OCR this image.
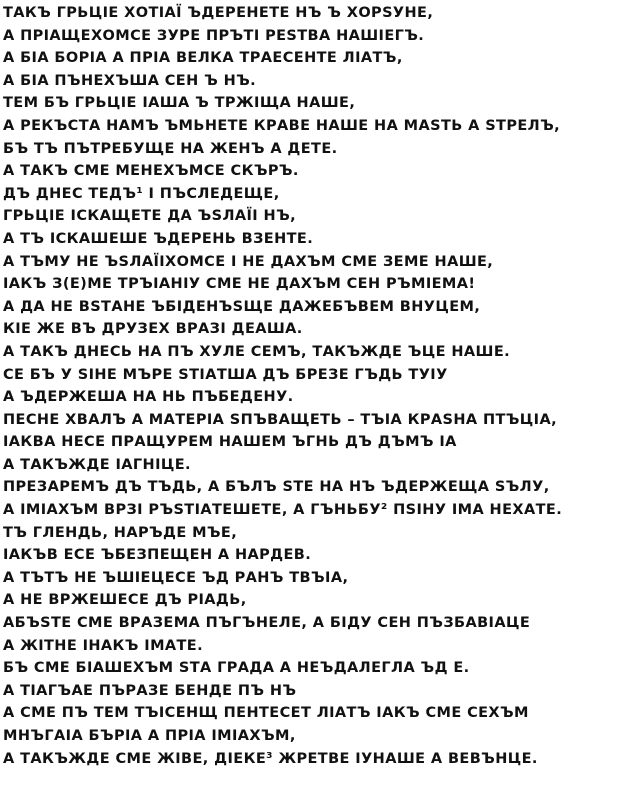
ТАКЪ ГРЬЦІЕ ХОТІАЇ ЪДЕРЕНЕТЕ НЪ Ъ ХОРЅУНЕ,
А ПРІАЩЕХОМСЕ ЗУРЕ ПРЪТІ РЕЅТВА НАШІЕГЪ.
А БІА БОРІА А ПРІА ВЕЛКА ТРАЕСЕНТЕ ЛІАТЪ,
А БІА ПЪНЕХЪША СЕН Ъ НЪ.
ТЕМ БЪ ГРЬЦІЕ ІАША Ъ ТРЖІЩА НАШЕ,
А РЕКЪСТА НАМЪ ЪМЬНЕТЕ КРАВЕ НАШЕ НА МАЅТЬ А ЅТРЕЛЪ,
БЪ ТЪ ПЪТРЕБУЩЕ НА ЖЕНЪ А ДЕТЕ.
А ТАКЪ СМЕ МЕНЕХЪМСЕ СКЪРЪ.
ДЪ ДНЕС ТЕДЪ¹ І ПЪСЛЕДЕЩЕ,
ГРЬЦІЕ ІСКАЩЕТЕ ДА ЪЅЛАЇІ НЪ,
А ТЪ ІСКАШЕШЕ ЪДЕРЕНЬ ВЗЕНТЕ.
А ТЪМУ НЕ ЪЅЛАЇІХОМСЕ І НЕ ДАХЪМ СМЕ ЗЕМЕ НАШЕ,
ІАКЪ З(Е)МЕ ТРЪІАНІУ СМЕ НЕ ДАХЪМ СЕН РЪМІЕМА!
А ДА НЕ ВЅТАНЕ ЪБІДЕНЪЅЩЕ ДАЖЕБЪВЕМ ВНУЦЕМ,
КІЕ ЖЕ ВЪ ДРУЗЕХ ВРАЗІ ДЕАША.
А ТАКЪ ДНЕСЬ НА ПЪ ХУЛЕ СЕМЪ, ТАКЪЖДЕ ЪЦЕ НАШЕ.
СЕ БЪ У ЅІНЕ МЪРЕ ЅТІАТША ДЪ БРЕЗЕ ГЪДЬ ТУІУ
А ЪДЕРЖЕША НА НЬ ПЪБЕДЕНУ.
ПЕСНЕ ХВАЛЪ А МАТЕРІА ЅПЪВАЩЕТЬ – ТЪІА КРАЅНА ПТЪЦІА,
ІАКВА НЕСЕ ПРАЩУРЕМ НАШЕМ ЪГНЬ ДЪ ДЪМЪ ІА
А ТАКЪЖДЕ ІАГНІЦЕ.
ПРЕЗАРЕМЪ ДЪ ТЪДЬ, А БЪЛЪ ЅТЕ НА НЪ ЪДЕРЖЕЩА ЅЪЛУ,
А ІМІАХЪМ ВРЗІ РЪЅТІАТЕШЕТЕ, А ГЪНЬБУ² ПЅІНУ ІМА НЕХАТЕ.
ТЪ ГЛЕНДЬ, НАРЪДЕ МЪЕ,
ІАКЪВ ЕСЕ ЪБЕЗПЕЩЕН А НАРДЕВ.
А ТЪТЪ НЕ ЪШІЕЦЕСЕ ЪД РАНЪ ТВЪІА,
А НЕ ВРЖЕШЕСЕ ДЪ РІАДЬ,
АБЪЅТЕ СМЕ ВРАЗЕМА ПЪГЪНЕЛЕ, А БІДУ СЕН ПЪЗБАВІАЦЕ
А ЖІТНЕ ІНАКЪ ІМАТЕ.
БЪ СМЕ БІАШЕХЪМ ЅТА ГРАДА А НЕЪДАЛЕГЛА ЪД Е.
А ТІАГЪАЕ ПЪРАЗЕ БЕНДЕ ПЪ НЪ
А СМЕ ПЪ ТЕМ ТЪІСЕНЩ ПЕНТЕСЕТ ЛІАТЪ ІАКЪ СМЕ СЕХЪМ
МНЪГАІА БЪРІА А ПРІА ІМІАХЪМ,
А ТАКЪЖДЕ СМЕ ЖІВЕ, ДІЕКЕ³ ЖРЕТВЕ ІУНАШЕ А ВЕВЪНЦЕ.
